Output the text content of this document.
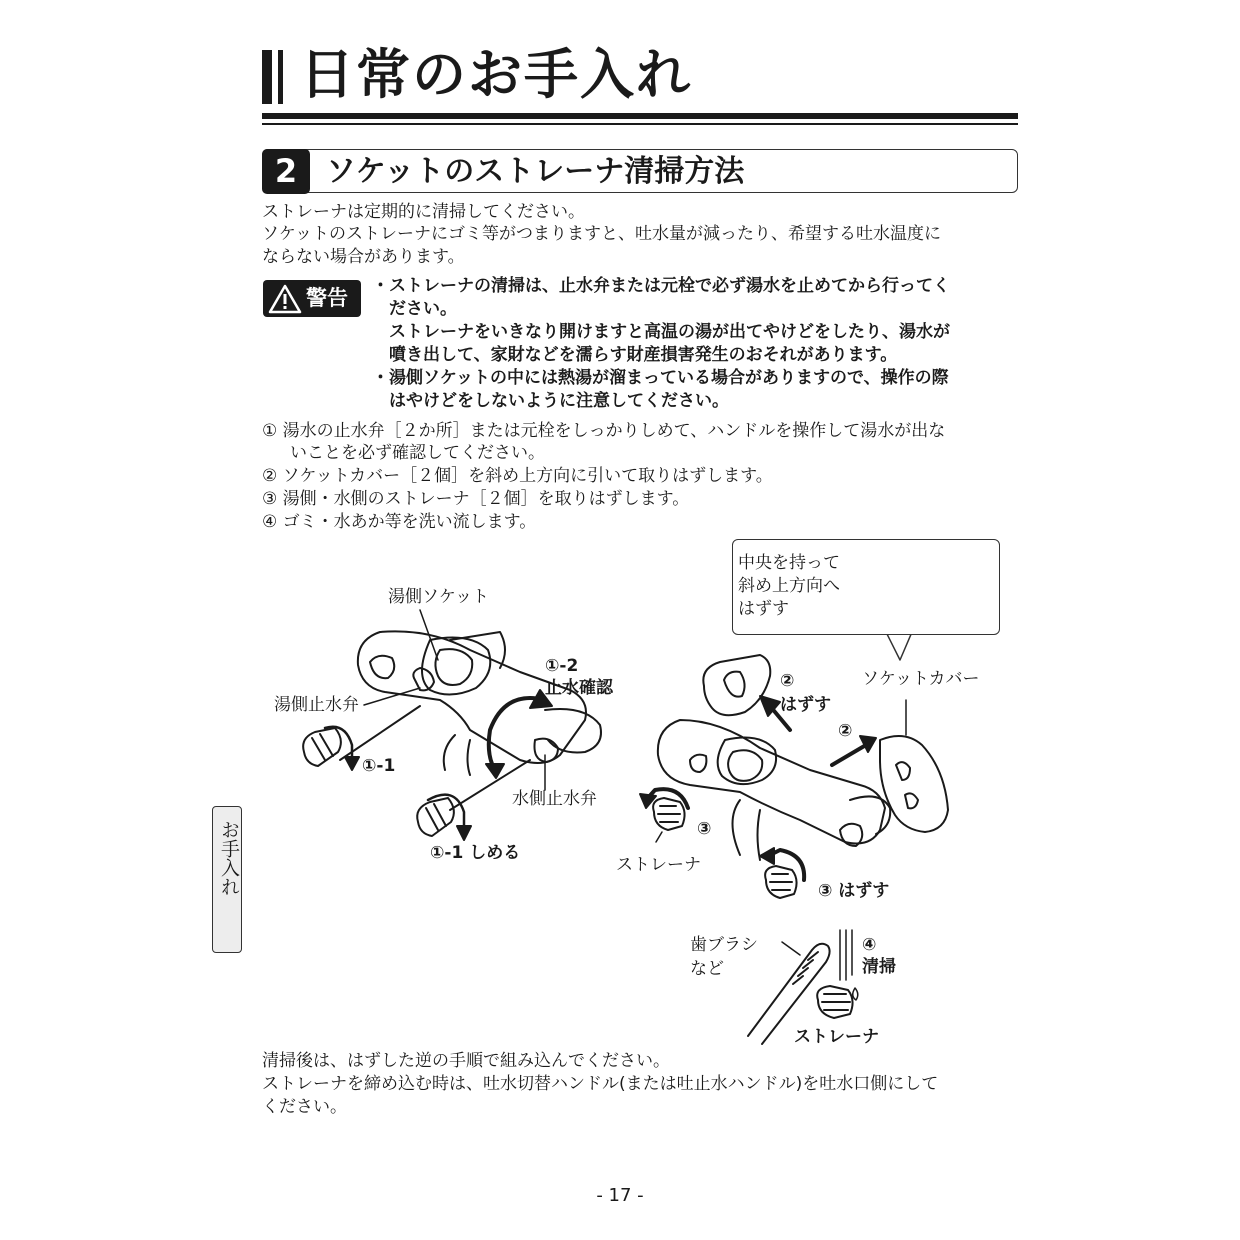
日常のお手入れ
2 ソケットのストレーナ清掃方法
ストレーナは定期的に清掃してください。
ソケットのストレーナにゴミ等がつまりますと、吐水量が減ったり、希望する吐水温度に
ならない場合があります。
警告 ・ストレーナの清掃は、止水弁または元栓で必ず湯水を止めてから行ってく
ださい。
ストレーナをいきなり開けますと高温の湯が出てやけどをしたり、湯水が
噴き出して、家財などを濡らす財産損害発生のおそれがあります。
・湯側ソケットの中には熱湯が溜まっている場合がありますので、操作の際
はやけどをしないように注意してください。
① 湯水の止水弁［２か所］または元栓をしっかりしめて、ハンドルを操作して湯水が出な
いことを必ず確認してください。
② ソケットカバー［２個］を斜め上方向に引いて取りはずします。
③ 湯側・水側のストレーナ［２個］を取りはずします。
④ ゴミ・水あか等を洗い流します。
お手入れ
中央を持って
斜め上方向へ
はずす
湯側ソケット
湯側止水弁
①-1
①-2
止水確認
水側止水弁
①-1 しめる
②
はずす
ソケットカバー
②
③
ストレーナ
③ はずす
歯ブラシ
など
④
清掃
ストレーナ
清掃後は、はずした逆の手順で組み込んでください。
ストレーナを締め込む時は、吐水切替ハンドル(または吐止水ハンドル)を吐水口側にして
ください。
- 17 -
